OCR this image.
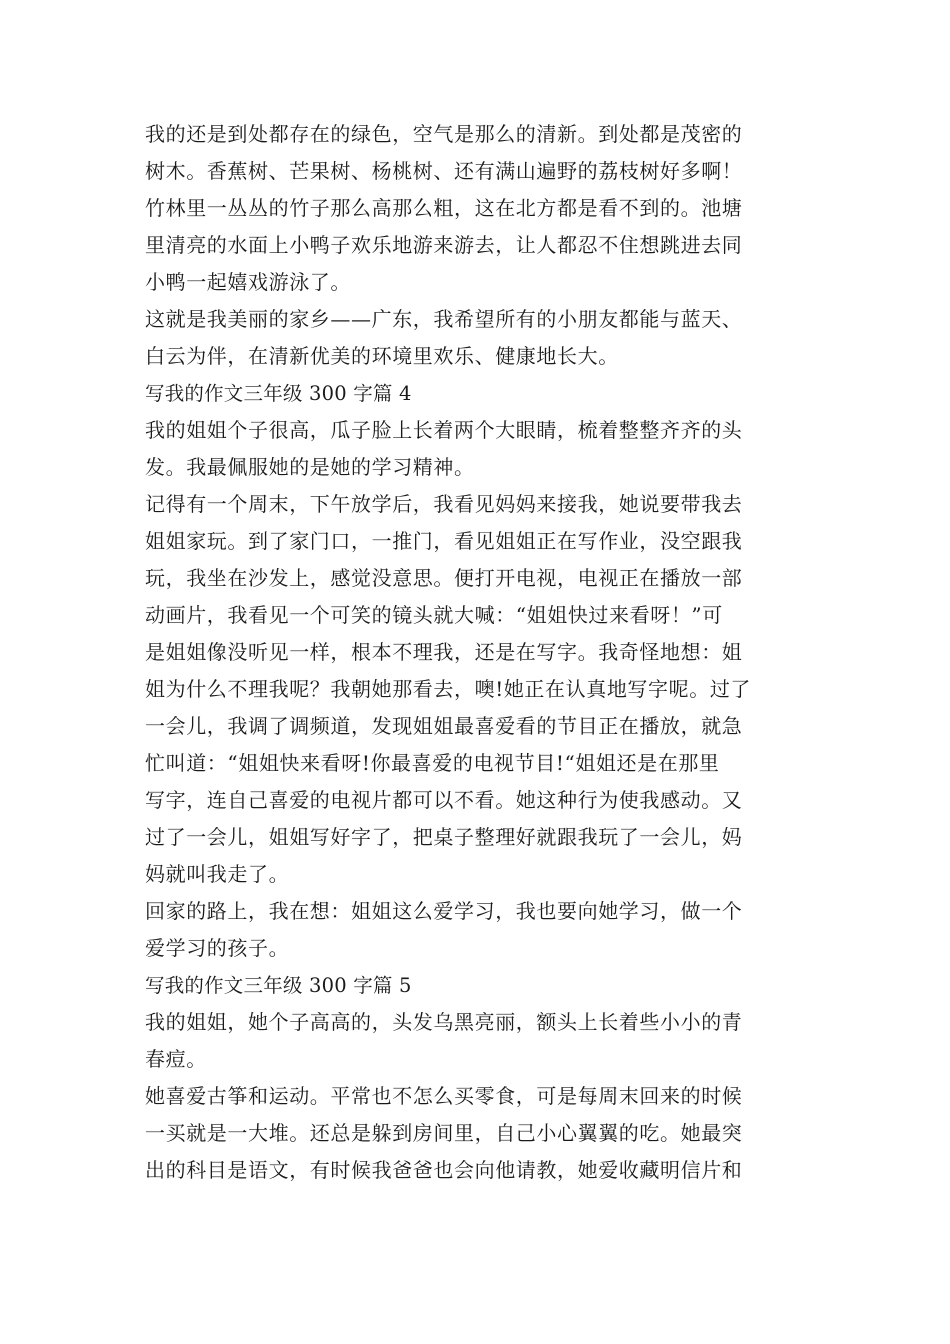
我的还是到处都存在的绿色，空气是那么的清新。到处都是茂密的
树木。香蕉树、芒果树、杨桃树、还有满山遍野的荔枝树好多啊！
竹林里一丛丛的竹子那么高那么粗，这在北方都是看不到的。池塘
里清亮的水面上小鸭子欢乐地游来游去，让人都忍不住想跳进去同
小鸭一起嬉戏游泳了。
这就是我美丽的家乡——广东，我希望所有的小朋友都能与蓝天、
白云为伴，在清新优美的环境里欢乐、健康地长大。
写我的作文三年级 300 字篇 4
我的姐姐个子很高，瓜子脸上长着两个大眼睛，梳着整整齐齐的头
发。我最佩服她的是她的学习精神。
记得有一个周末，下午放学后，我看见妈妈来接我，她说要带我去
姐姐家玩。到了家门口，一推门，看见姐姐正在写作业，没空跟我
玩，我坐在沙发上，感觉没意思。便打开电视，电视正在播放一部
动画片，我看见一个可笑的镜头就大喊：“姐姐快过来看呀！”可
是姐姐像没听见一样，根本不理我，还是在写字。我奇怪地想：姐
姐为什么不理我呢？我朝她那看去，噢!她正在认真地写字呢。过了
一会儿，我调了调频道，发现姐姐最喜爱看的节目正在播放，就急
忙叫道：“姐姐快来看呀!你最喜爱的电视节目!“姐姐还是在那里
写字，连自己喜爱的电视片都可以不看。她这种行为使我感动。又
过了一会儿，姐姐写好字了，把桌子整理好就跟我玩了一会儿，妈
妈就叫我走了。
回家的路上，我在想：姐姐这么爱学习，我也要向她学习，做一个
爱学习的孩子。
写我的作文三年级 300 字篇 5
我的姐姐，她个子高高的，头发乌黑亮丽，额头上长着些小小的青
春痘。
她喜爱古筝和运动。平常也不怎么买零食，可是每周末回来的时候
一买就是一大堆。还总是躲到房间里，自己小心翼翼的吃。她最突
出的科目是语文，有时候我爸爸也会向他请教，她爱收藏明信片和
